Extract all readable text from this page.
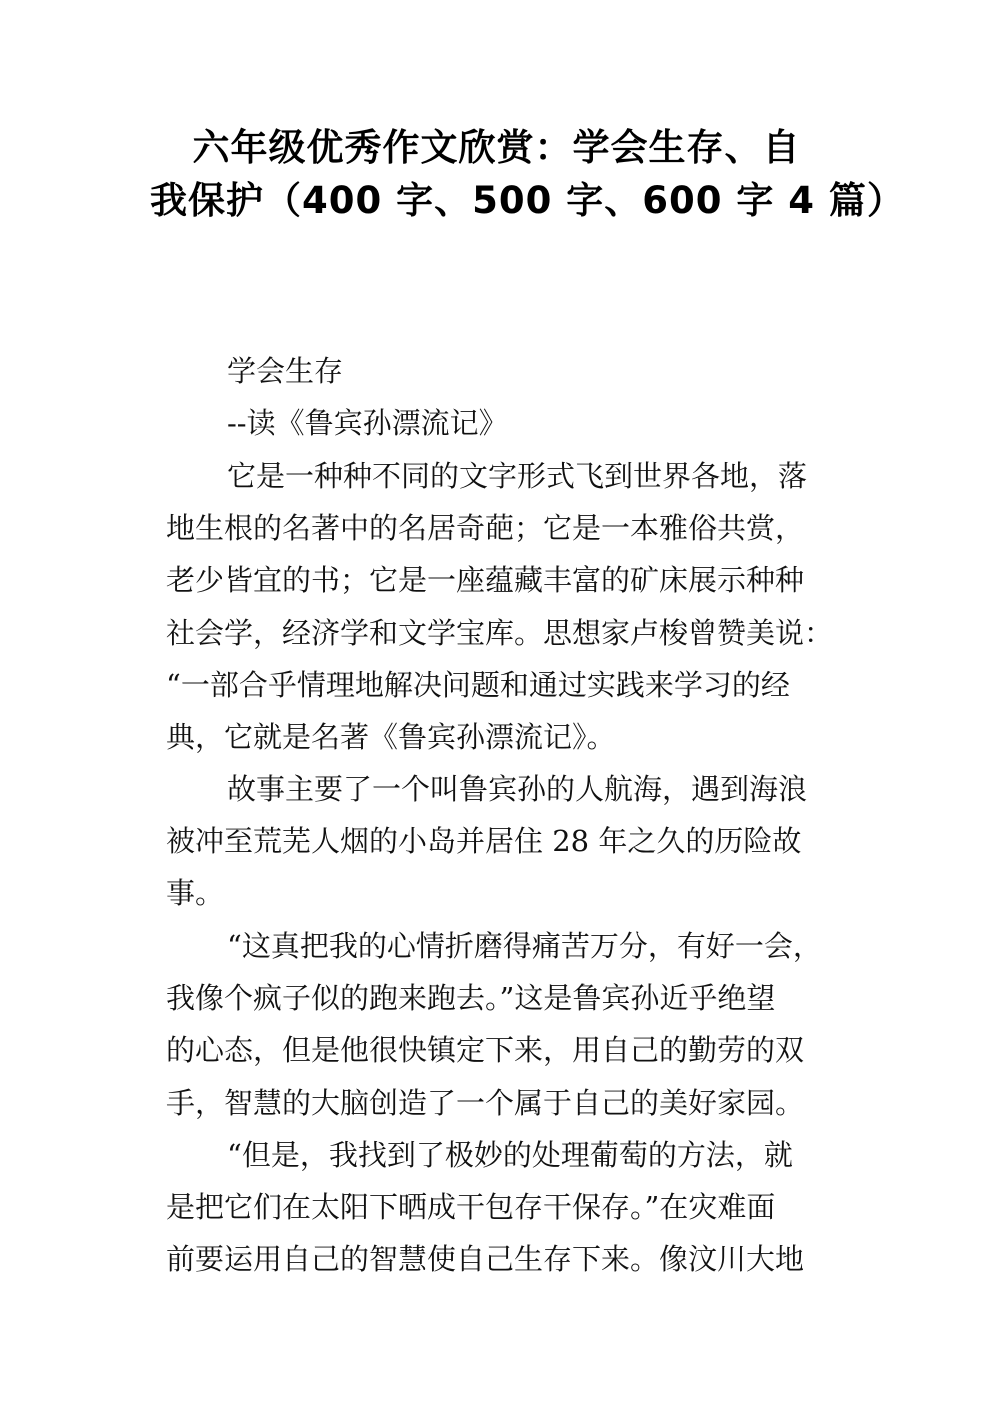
六年级优秀作文欣赏：学会生存、自
我保护（400 字、500 字、600 字 4 篇）
学会生存
--读《鲁宾孙漂流记》
它是一种种不同的文字形式飞到世界各地，落
地生根的名著中的名居奇葩；它是一本雅俗共赏，
老少皆宜的书；它是一座蕴藏丰富的矿床展示种种
社会学，经济学和文学宝库。思想家卢梭曾赞美说：
“一部合乎情理地解决问题和通过实践来学习的经
典，它就是名著《鲁宾孙漂流记》。
故事主要了一个叫鲁宾孙的人航海，遇到海浪
被冲至荒芜人烟的小岛并居住 28 年之久的历险故
事。
“这真把我的心情折磨得痛苦万分，有好一会，
我像个疯子似的跑来跑去。”这是鲁宾孙近乎绝望
的心态，但是他很快镇定下来，用自己的勤劳的双
手，智慧的大脑创造了一个属于自己的美好家园。
“但是，我找到了极妙的处理葡萄的方法，就
是把它们在太阳下晒成干包存干保存。”在灾难面
前要运用自己的智慧使自己生存下来。像汶川大地
